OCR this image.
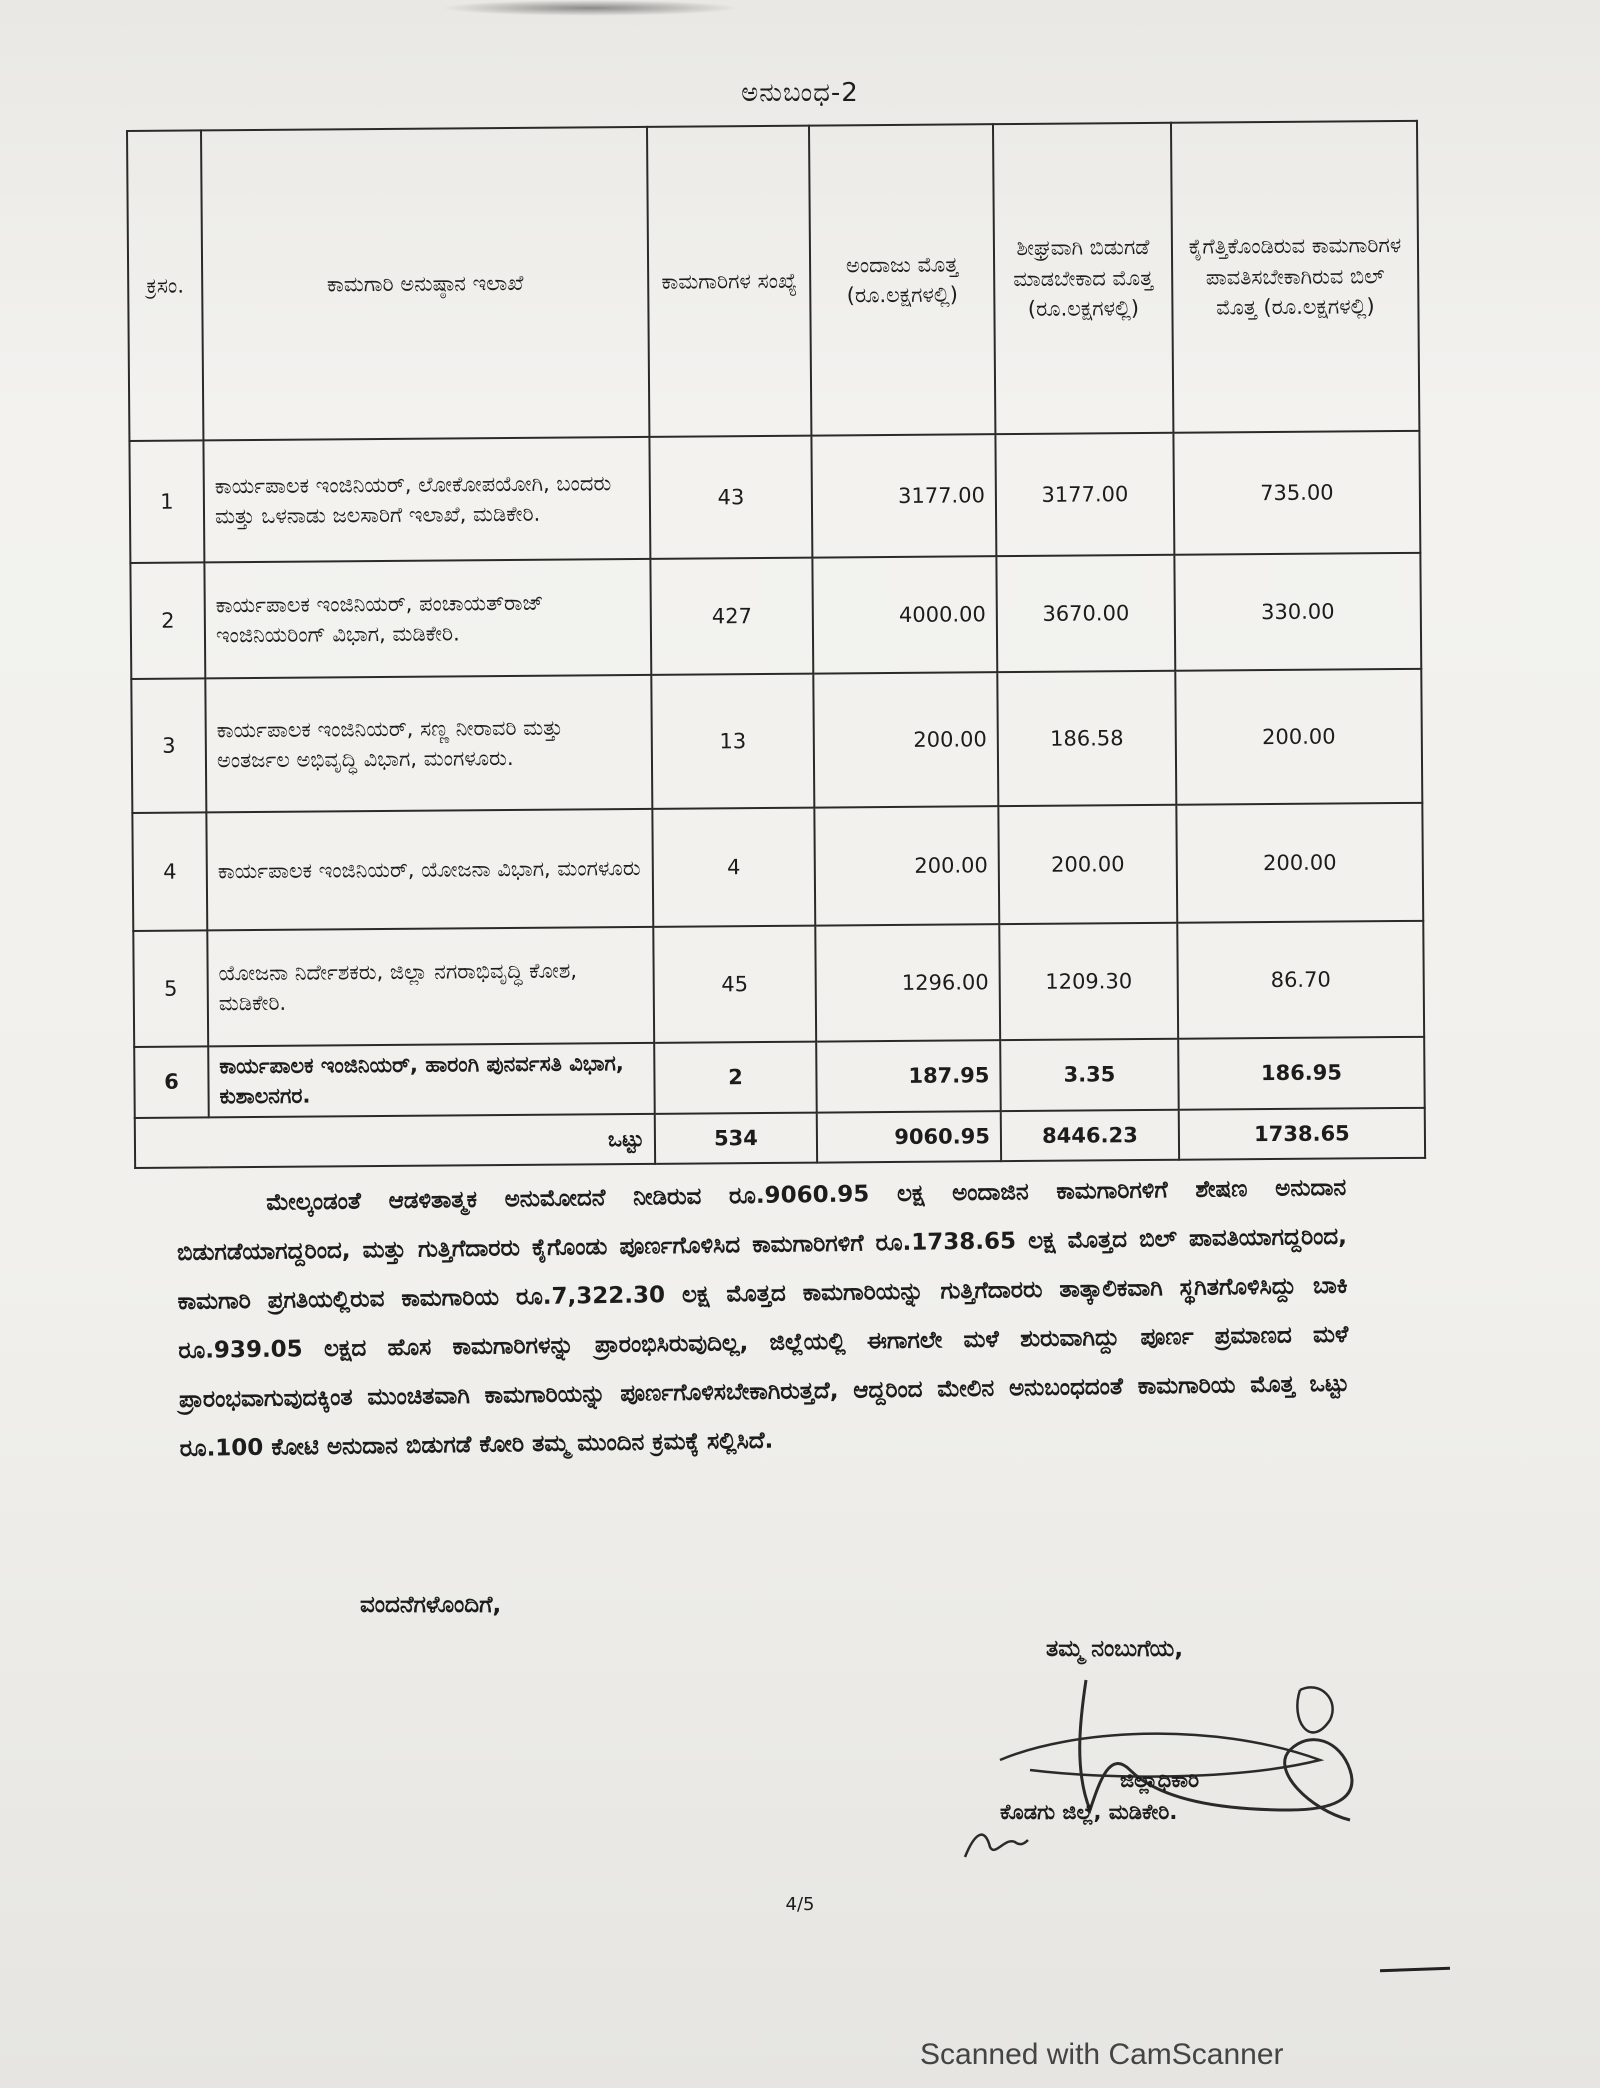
ಅನುಬಂಧ-2
ಕ್ರಸಂ.	ಕಾಮಗಾರಿ ಅನುಷ್ಠಾನ ಇಲಾಖೆ	ಕಾಮಗಾರಿಗಳ ಸಂಖ್ಯೆ	ಅಂದಾಜು ಮೊತ್ತ (ರೂ.ಲಕ್ಷಗಳಲ್ಲಿ)	ಶೀಘ್ರವಾಗಿ ಬಿಡುಗಡೆ ಮಾಡಬೇಕಾದ ಮೊತ್ತ (ರೂ.ಲಕ್ಷಗಳಲ್ಲಿ)	ಕೈಗೆತ್ತಿಕೊಂಡಿರುವ ಕಾಮಗಾರಿಗಳ ಪಾವತಿಸಬೇಕಾಗಿರುವ ಬಿಲ್ ಮೊತ್ತ (ರೂ.ಲಕ್ಷಗಳಲ್ಲಿ)
1	ಕಾರ್ಯಪಾಲಕ ಇಂಜಿನಿಯರ್, ಲೋಕೋಪಯೋಗಿ, ಬಂದರು ಮತ್ತು ಒಳನಾಡು ಜಲಸಾರಿಗೆ ಇಲಾಖೆ, ಮಡಿಕೇರಿ.	43	3177.00	3177.00	735.00
2	ಕಾರ್ಯಪಾಲಕ ಇಂಜಿನಿಯರ್, ಪಂಚಾಯತ್‌ರಾಜ್ ಇಂಜಿನಿಯರಿಂಗ್ ವಿಭಾಗ, ಮಡಿಕೇರಿ.	427	4000.00	3670.00	330.00
3	ಕಾರ್ಯಪಾಲಕ ಇಂಜಿನಿಯರ್, ಸಣ್ಣ ನೀರಾವರಿ ಮತ್ತು ಅಂತರ್ಜಲ ಅಭಿವೃದ್ಧಿ ವಿಭಾಗ, ಮಂಗಳೂರು.	13	200.00	186.58	200.00
4	ಕಾರ್ಯಪಾಲಕ ಇಂಜಿನಿಯರ್, ಯೋಜನಾ ವಿಭಾಗ, ಮಂಗಳೂರು	4	200.00	200.00	200.00
5	ಯೋಜನಾ ನಿರ್ದೇಶಕರು, ಜಿಲ್ಲಾ ನಗರಾಭಿವೃದ್ಧಿ ಕೋಶ, ಮಡಿಕೇರಿ.	45	1296.00	1209.30	86.70
6	ಕಾರ್ಯಪಾಲಕ ಇಂಜಿನಿಯರ್, ಹಾರಂಗಿ ಪುನರ್ವಸತಿ ವಿಭಾಗ, ಕುಶಾಲನಗರ.	2	187.95	3.35	186.95
ಒಟ್ಟು		534	9060.95	8446.23	1738.65
ಮೇಲ್ಕಂಡಂತೆ ಆಡಳಿತಾತ್ಮಕ ಅನುಮೋದನೆ ನೀಡಿರುವ ರೂ.9060.95 ಲಕ್ಷ ಅಂದಾಜಿನ ಕಾಮಗಾರಿಗಳಿಗೆ ಶೇಷಣ ಅನುದಾನ ಬಿಡುಗಡೆಯಾಗದ್ದರಿಂದ, ಮತ್ತು ಗುತ್ತಿಗೆದಾರರು ಕೈಗೊಂಡು ಪೂರ್ಣಗೊಳಿಸಿದ ಕಾಮಗಾರಿಗಳಿಗೆ ರೂ.1738.65 ಲಕ್ಷ ಮೊತ್ತದ ಬಿಲ್ ಪಾವತಿಯಾಗದ್ದರಿಂದ, ಕಾಮಗಾರಿ ಪ್ರಗತಿಯಲ್ಲಿರುವ ಕಾಮಗಾರಿಯ ರೂ.7,322.30 ಲಕ್ಷ ಮೊತ್ತದ ಕಾಮಗಾರಿಯನ್ನು ಗುತ್ತಿಗೆದಾರರು ತಾತ್ಕಾಲಿಕವಾಗಿ ಸ್ಥಗಿತಗೊಳಿಸಿದ್ದು ಬಾಕಿ ರೂ.939.05 ಲಕ್ಷದ ಹೊಸ ಕಾಮಗಾರಿಗಳನ್ನು ಪ್ರಾರಂಭಿಸಿರುವುದಿಲ್ಲ, ಜಿಲ್ಲೆಯಲ್ಲಿ ಈಗಾಗಲೇ ಮಳೆ ಶುರುವಾಗಿದ್ದು ಪೂರ್ಣ ಪ್ರಮಾಣದ ಮಳೆ ಪ್ರಾರಂಭವಾಗುವುದಕ್ಕಿಂತ ಮುಂಚಿತವಾಗಿ ಕಾಮಗಾರಿಯನ್ನು ಪೂರ್ಣಗೊಳಿಸಬೇಕಾಗಿರುತ್ತದೆ, ಆದ್ದರಿಂದ ಮೇಲಿನ ಅನುಬಂಧದಂತೆ ಕಾಮಗಾರಿಯ ಮೊತ್ತ ಒಟ್ಟು ರೂ.100 ಕೋಟಿ ಅನುದಾನ ಬಿಡುಗಡೆ ಕೋರಿ ತಮ್ಮ ಮುಂದಿನ ಕ್ರಮಕ್ಕೆ ಸಲ್ಲಿಸಿದೆ.
ವಂದನೆಗಳೊಂದಿಗೆ,
ತಮ್ಮ ನಂಬುಗೆಯ,
ಜಿಲ್ಲಾಧಿಕಾರಿ
ಕೊಡಗು ಜಿಲ್ಲೆ, ಮಡಿಕೇರಿ.
4/5
Scanned with CamScanner
